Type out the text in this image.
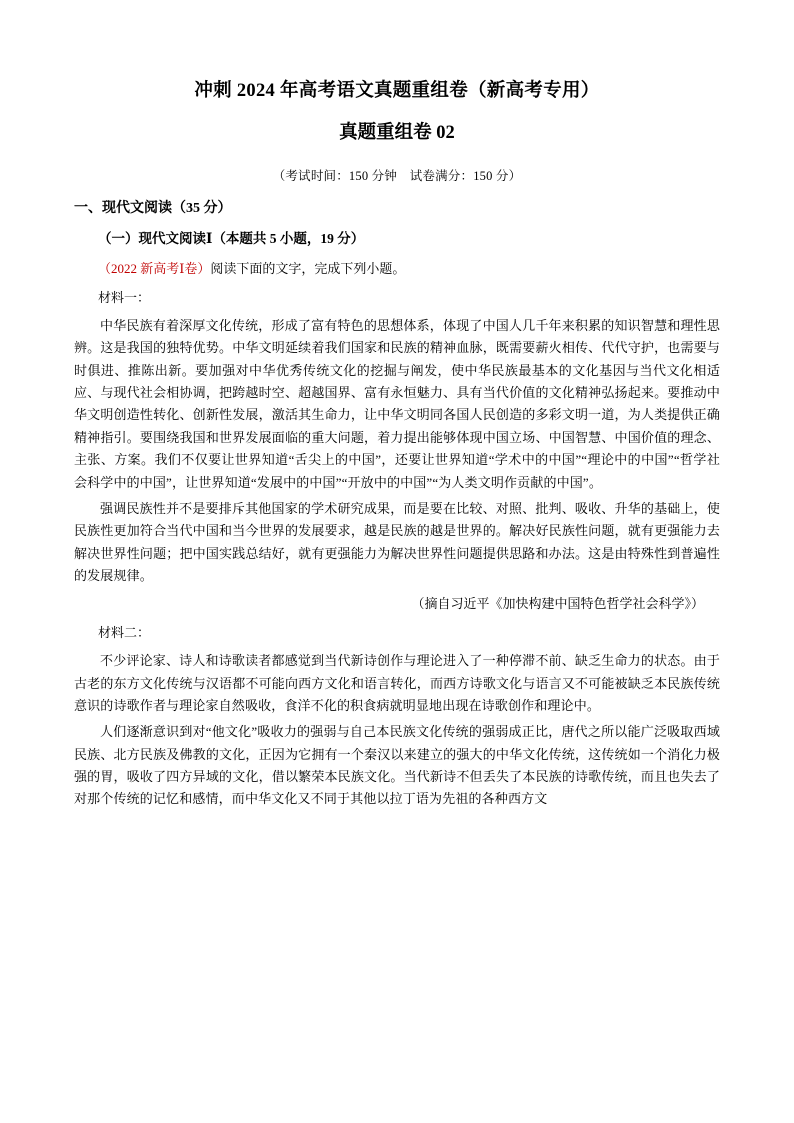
冲刺 2024 年高考语文真题重组卷（新高考专用）
真题重组卷 02
（考试时间：150 分钟　试卷满分：150 分）
一、现代文阅读（35 分）
（一）现代文阅读Ⅰ（本题共 5 小题，19 分）
（2022 新高考Ⅰ卷）阅读下面的文字，完成下列小题。
材料一：

中华民族有着深厚文化传统，形成了富有特色的思想体系，体现了中国人几千年来积累的知识智慧和理性思辨。这是我国的独特优势。中华文明延续着我们国家和民族的精神血脉，既需要薪火相传、代代守护，也需要与时俱进、推陈出新。要加强对中华优秀传统文化的挖掘与阐发，使中华民族最基本的文化基因与当代文化相适应、与现代社会相协调，把跨越时空、超越国界、富有永恒魅力、具有当代价值的文化精神弘扬起来。要推动中华文明创造性转化、创新性发展，激活其生命力，让中华文明同各国人民创造的多彩文明一道，为人类提供正确精神指引。要围绕我国和世界发展面临的重大问题，着力提出能够体现中国立场、中国智慧、中国价值的理念、主张、方案。我们不仅要让世界知道“舌尖上的中国”，还要让世界知道“学术中的中国”“理论中的中国”“哲学社会科学中的中国”，让世界知道“发展中的中国”“开放中的中国”“为人类文明作贡献的中国”。

强调民族性并不是要排斥其他国家的学术研究成果，而是要在比较、对照、批判、吸收、升华的基础上，使民族性更加符合当代中国和当今世界的发展要求，越是民族的越是世界的。解决好民族性问题，就有更强能力去解决世界性问题；把中国实践总结好，就有更强能力为解决世界性问题提供思路和办法。这是由特殊性到普遍性的发展规律。

（摘自习近平《加快构建中国特色哲学社会科学》）
材料二：

不少评论家、诗人和诗歌读者都感觉到当代新诗创作与理论进入了一种停滞不前、缺乏生命力的状态。由于古老的东方文化传统与汉语都不可能向西方文化和语言转化，而西方诗歌文化与语言又不可能被缺乏本民族传统意识的诗歌作者与理论家自然吸收，食洋不化的积食病就明显地出现在诗歌创作和理论中。

人们逐渐意识到对“他文化”吸收力的强弱与自己本民族文化传统的强弱成正比，唐代之所以能广泛吸取西域民族、北方民族及佛教的文化，正因为它拥有一个秦汉以来建立的强大的中华文化传统，这传统如一个消化力极强的胃，吸收了四方异域的文化，借以繁荣本民族文化。当代新诗不但丢失了本民族的诗歌传统，而且也失去了对那个传统的记忆和感情，而中华文化又不同于其他以拉丁语为先祖的各种西方文
